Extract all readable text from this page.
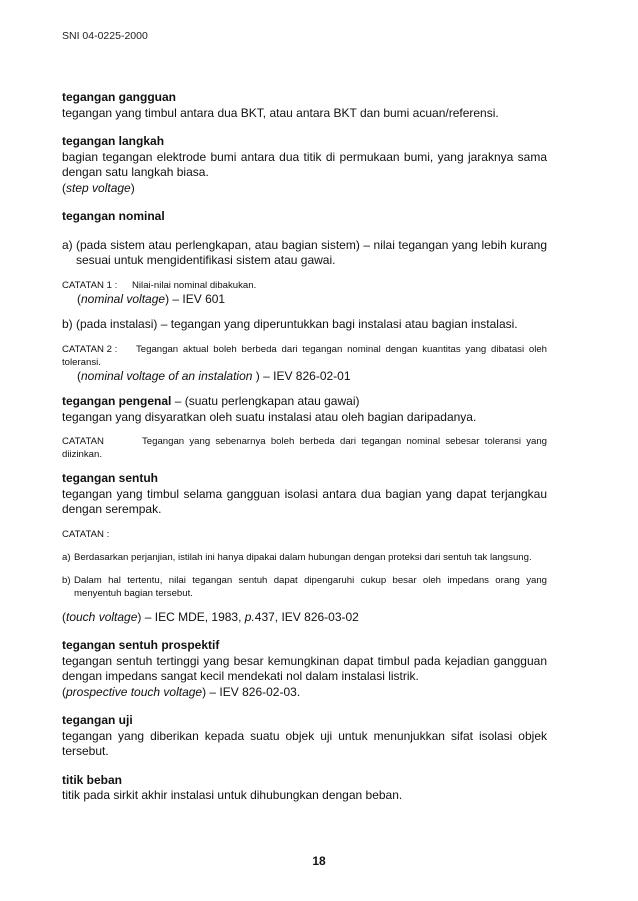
SNI 04-0225-2000

tegangan gangguan

tegangan yang timbul antara dua BKT, atau antara BKT dan bumi acuan/referensi.

tegangan langkah

bagian tegangan elektrode bumi antara dua titik di permukaan bumi, yang jaraknya sama dengan satu langkah biasa.

(step voltage)

tegangan nominal

a) (pada sistem atau perlengkapan, atau bagian sistem) – nilai tegangan yang lebih kurang sesuai untuk mengidentifikasi sistem atau gawai.

CATATAN 1 : Nilai-nilai nominal dibakukan.

(nominal voltage) – IEV 601

b) (pada instalasi) – tegangan yang diperuntukkan bagi instalasi atau bagian instalasi.

CATATAN 2 : Tegangan aktual boleh berbeda dari tegangan nominal dengan kuantitas yang dibatasi oleh toleransi.

(nominal voltage of an instalation ) – IEV 826-02-01

tegangan pengenal – (suatu perlengkapan atau gawai)

tegangan yang disyaratkan oleh suatu instalasi atau oleh bagian daripadanya.

CATATAN	Tegangan yang sebenarnya boleh berbeda dari tegangan nominal sebesar toleransi yang diizinkan.

tegangan sentuh

tegangan yang timbul selama gangguan isolasi antara dua bagian yang dapat terjangkau dengan serempak.

CATATAN :

a) Berdasarkan perjanjian, istilah ini hanya dipakai dalam hubungan dengan proteksi dari sentuh tak langsung.
b) Dalam hal tertentu, nilai tegangan sentuh dapat dipengaruhi cukup besar oleh impedans orang yang menyentuh bagian tersebut.

(touch voltage) – IEC MDE, 1983, p.437, IEV 826-03-02

tegangan sentuh prospektif

tegangan sentuh tertinggi yang besar kemungkinan dapat timbul pada kejadian gangguan dengan impedans sangat kecil mendekati nol dalam instalasi listrik.

(prospective touch voltage) – IEV 826-02-03.

tegangan uji

tegangan yang diberikan kepada suatu objek uji untuk menunjukkan sifat isolasi objek tersebut.

titik beban

titik pada sirkit akhir instalasi untuk dihubungkan dengan beban.

18
